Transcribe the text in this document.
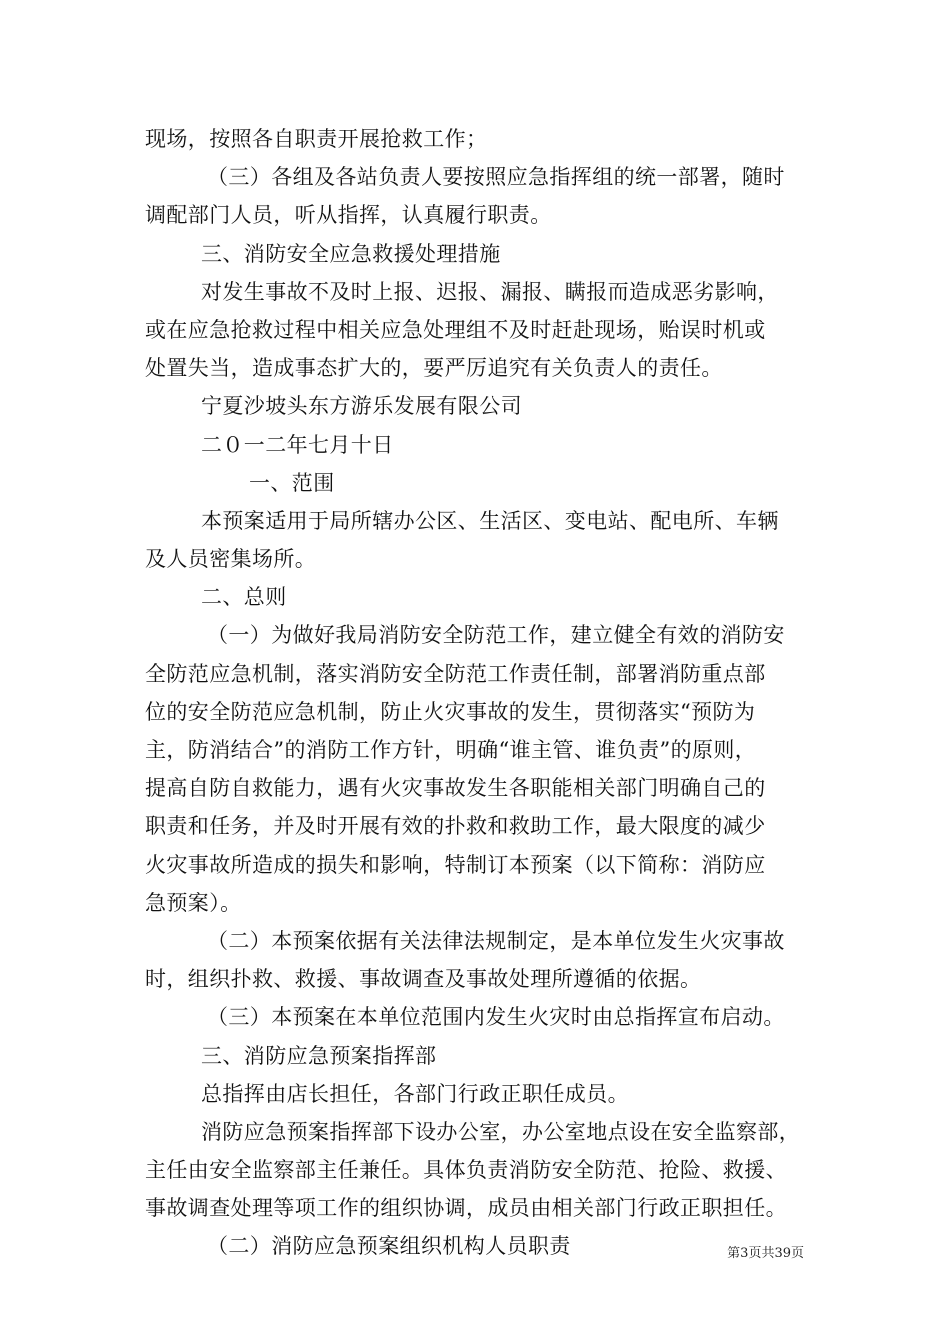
现场，按照各自职责开展抢救工作；
（三）各组及各站负责人要按照应急指挥组的统一部署，随时
调配部门人员，听从指挥，认真履行职责。
三、消防安全应急救援处理措施
对发生事故不及时上报、迟报、漏报、瞒报而造成恶劣影响，
或在应急抢救过程中相关应急处理组不及时赶赴现场，贻误时机或
处置失当，造成事态扩大的，要严厉追究有关负责人的责任。
宁夏沙坡头东方游乐发展有限公司
二０一二年七月十日
一、范围
本预案适用于局所辖办公区、生活区、变电站、配电所、车辆
及人员密集场所。
二、总则
（一）为做好我局消防安全防范工作，建立健全有效的消防安
全防范应急机制，落实消防安全防范工作责任制，部署消防重点部
位的安全防范应急机制，防止火灾事故的发生，贯彻落实“预防为
主，防消结合”的消防工作方针，明确“谁主管、谁负责”的原则，
提高自防自救能力，遇有火灾事故发生各职能相关部门明确自己的
职责和任务，并及时开展有效的扑救和救助工作，最大限度的减少
火灾事故所造成的损失和影响，特制订本预案（以下简称：消防应
急预案）。
（二）本预案依据有关法律法规制定，是本单位发生火灾事故
时，组织扑救、救援、事故调查及事故处理所遵循的依据。
（三）本预案在本单位范围内发生火灾时由总指挥宣布启动。
三、消防应急预案指挥部
总指挥由店长担任，各部门行政正职任成员。
消防应急预案指挥部下设办公室，办公室地点设在安全监察部，
主任由安全监察部主任兼任。具体负责消防安全防范、抢险、救援、
事故调查处理等项工作的组织协调，成员由相关部门行政正职担任。
（二）消防应急预案组织机构人员职责	第3页共39页
